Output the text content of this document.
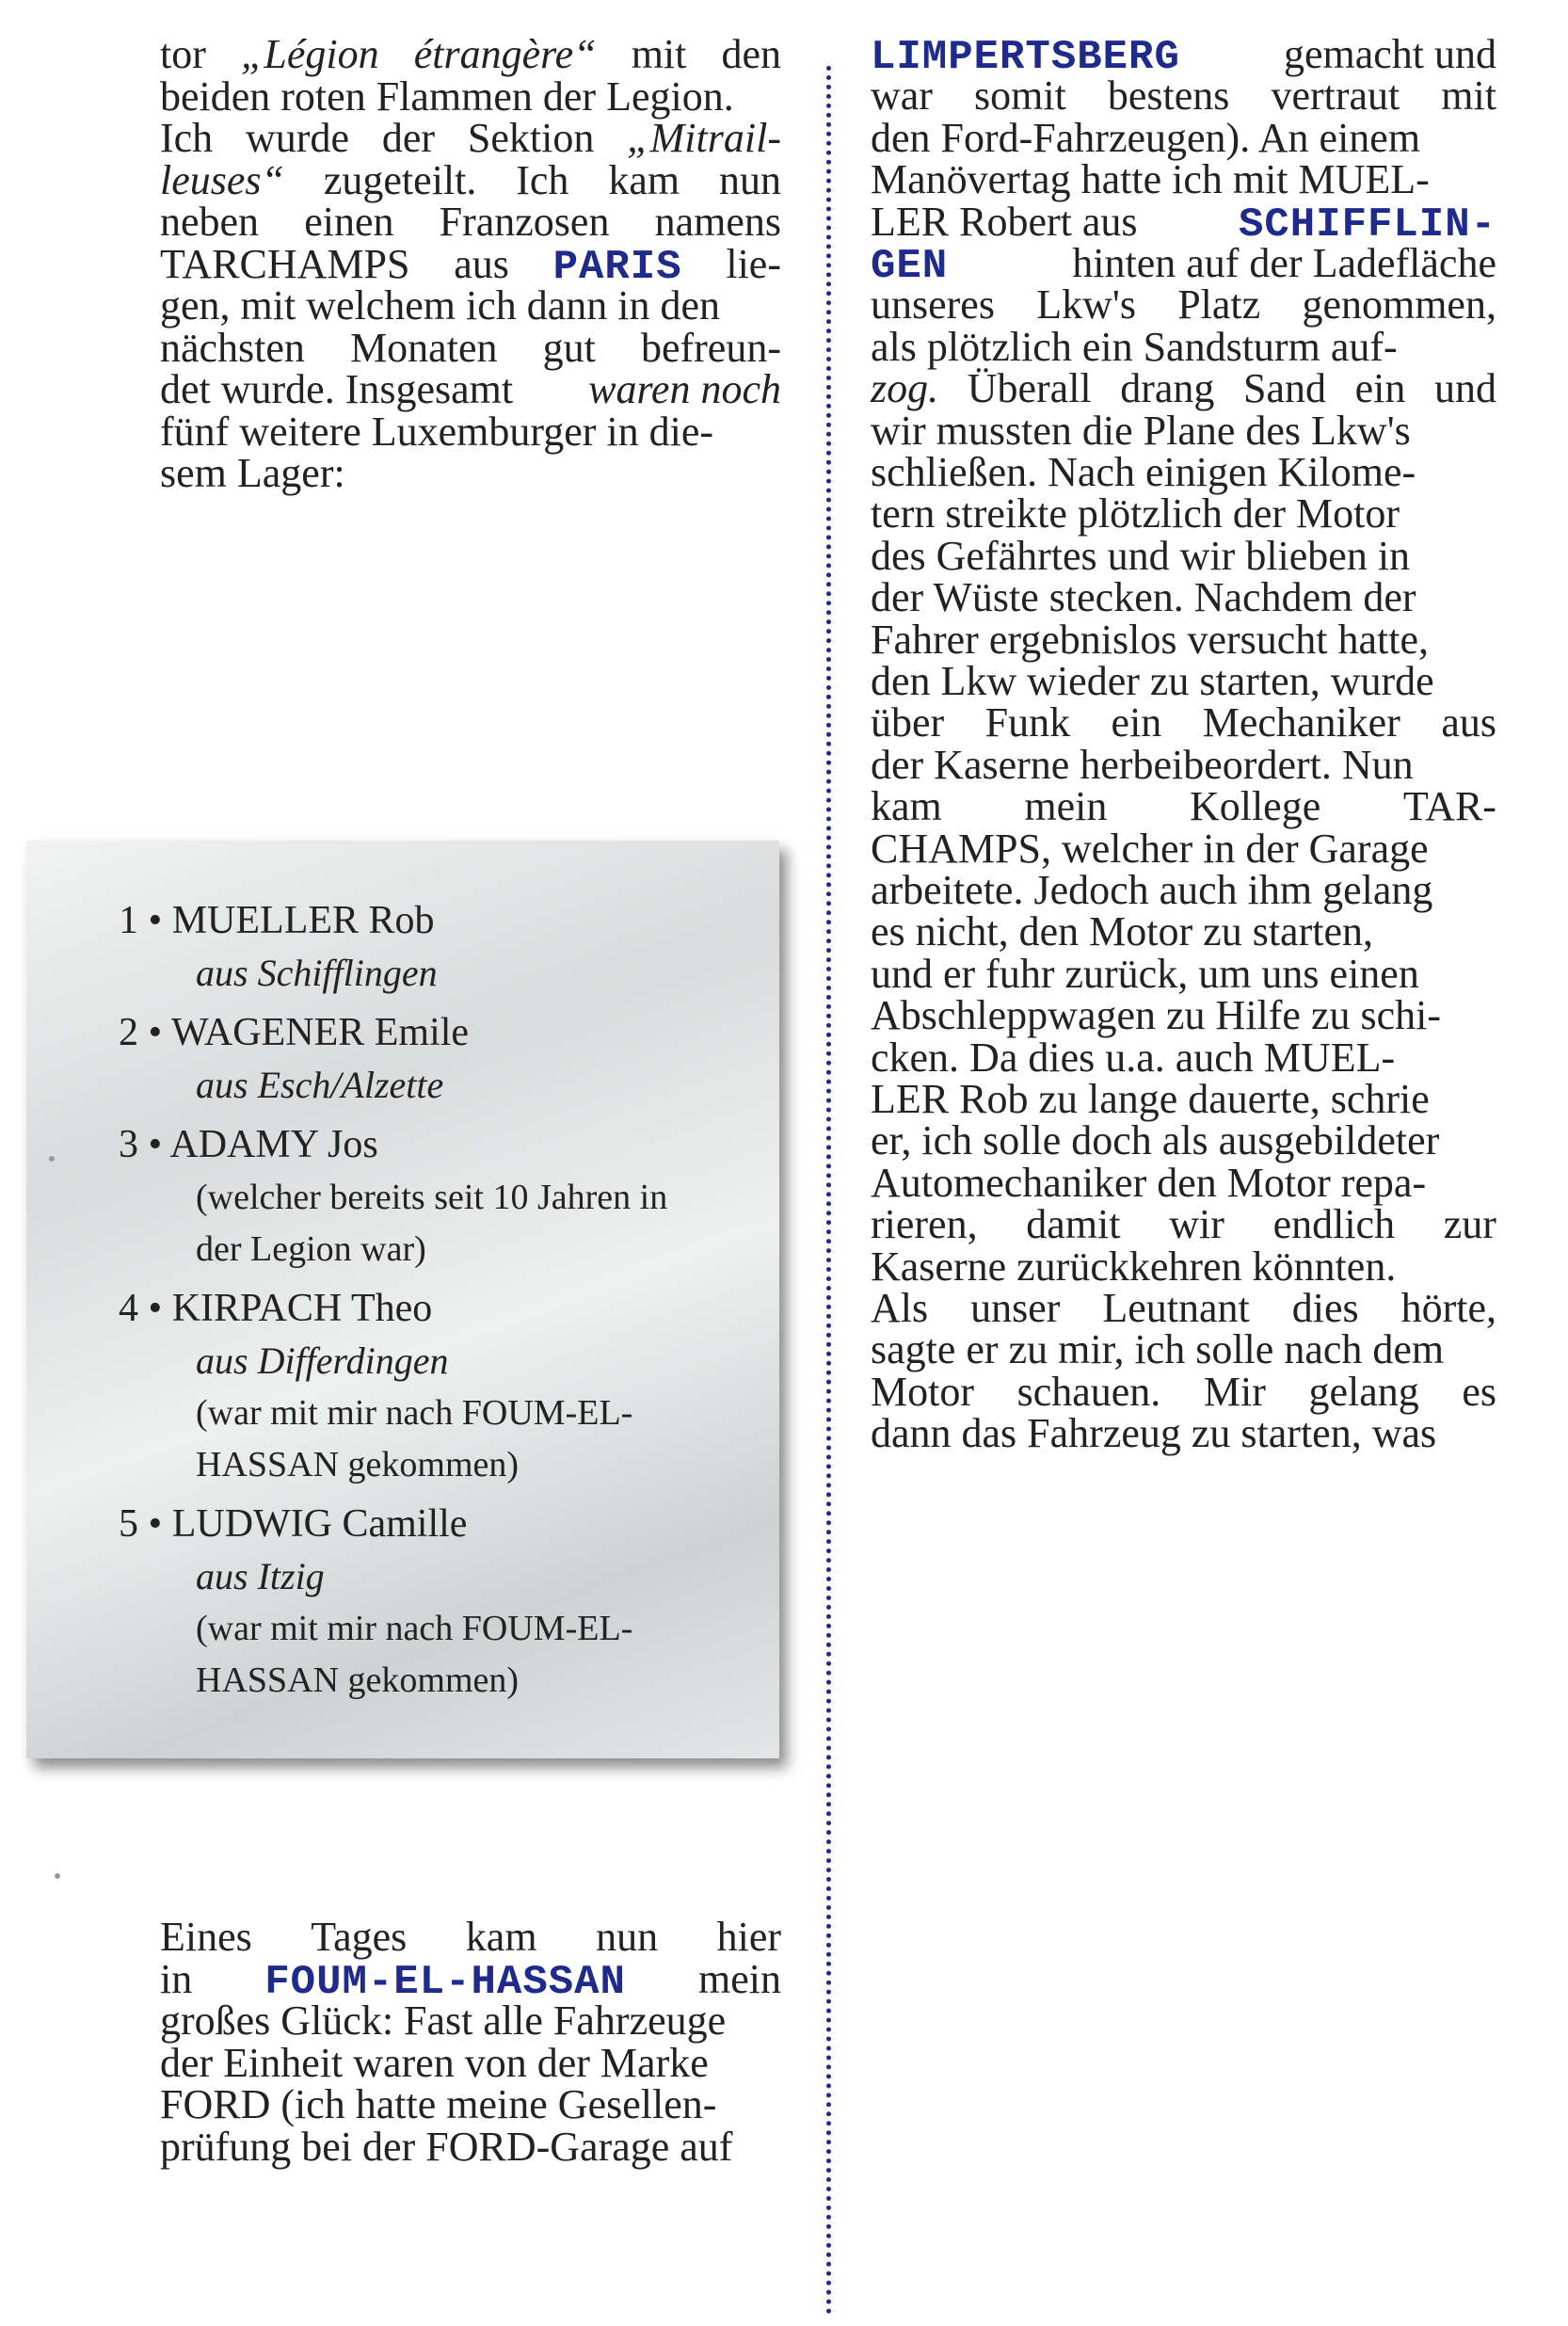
tor „Légion étrangère“ mit den
beiden roten Flammen der Legion.
Ich wurde der Sektion „Mitrail-
leuses“ zugeteilt. Ich kam nun
neben einen Franzosen namens
TARCHAMPS aus PARIS lie-
gen, mit welchem ich dann in den
nächsten Monaten gut befreun-
det wurde. Insgesamt waren noch
fünf weitere Luxemburger in die-
sem Lager:
1 • MUELLER Rob
aus Schifflingen
2 • WAGENER Emile
aus Esch/Alzette
3 • ADAMY Jos
(welcher bereits seit 10 Jahren in
der Legion war)
4 • KIRPACH Theo
aus Differdingen
(war mit mir nach FOUM-EL-
HASSAN gekommen)
5 • LUDWIG Camille
aus Itzig
(war mit mir nach FOUM-EL-
HASSAN gekommen)
Eines Tages kam nun hier
in FOUM-EL-HASSAN mein
großes Glück: Fast alle Fahrzeuge
der Einheit waren von der Marke
FORD (ich hatte meine Gesellen-
prüfung bei der FORD-Garage auf
LIMPERTSBERG	gemacht und
war somit bestens vertraut mit
den Ford-Fahrzeugen). An einem
Manövertag hatte ich mit MUEL-
LER Robert aus SCHIFFLIN-
GEN	hinten auf der Ladefläche
unseres Lkw's Platz genommen,
als plötzlich ein Sandsturm auf-
zog. Überall drang Sand ein und
wir mussten die Plane des Lkw's
schließen. Nach einigen Kilome-
tern streikte plötzlich der Motor
des Gefährtes und wir blieben in
der Wüste stecken. Nachdem der
Fahrer ergebnislos versucht hatte,
den Lkw wieder zu starten, wurde
über Funk ein Mechaniker aus
der Kaserne herbeibeordert. Nun
kam mein Kollege TAR-
CHAMPS, welcher in der Garage
arbeitete. Jedoch auch ihm gelang
es nicht, den Motor zu starten,
und er fuhr zurück, um uns einen
Abschleppwagen zu Hilfe zu schi-
cken. Da dies u.a. auch MUEL-
LER Rob zu lange dauerte, schrie
er, ich solle doch als ausgebildeter
Automechaniker den Motor repa-
rieren, damit wir endlich zur
Kaserne zurückkehren könnten.
Als unser Leutnant dies hörte,
sagte er zu mir, ich solle nach dem
Motor schauen. Mir gelang es
dann das Fahrzeug zu starten, was
